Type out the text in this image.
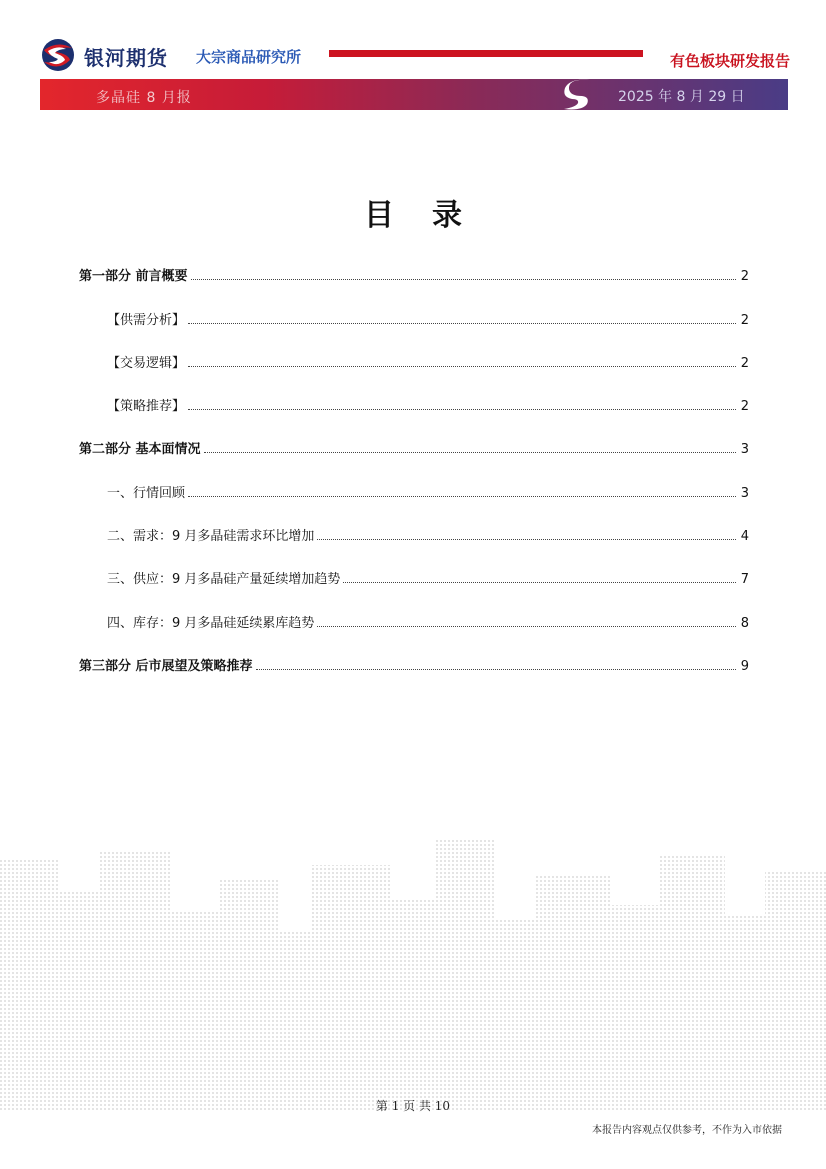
银河期货 大宗商品研究所	有色板块研发报告
多晶硅 8 月报	2025 年 8 月 29 日
目录
第一部分 前言概要	2
【供需分析】	2
【交易逻辑】	2
【策略推荐】	2
第二部分 基本面情况	3
一、行情回顾	3
二、需求：9 月多晶硅需求环比增加	4
三、供应：9 月多晶硅产量延续增加趋势	7
四、库存：9 月多晶硅延续累库趋势	8
第三部分 后市展望及策略推荐	9
第 1 页 共 10
本报告内容观点仅供参考，不作为入市依据
